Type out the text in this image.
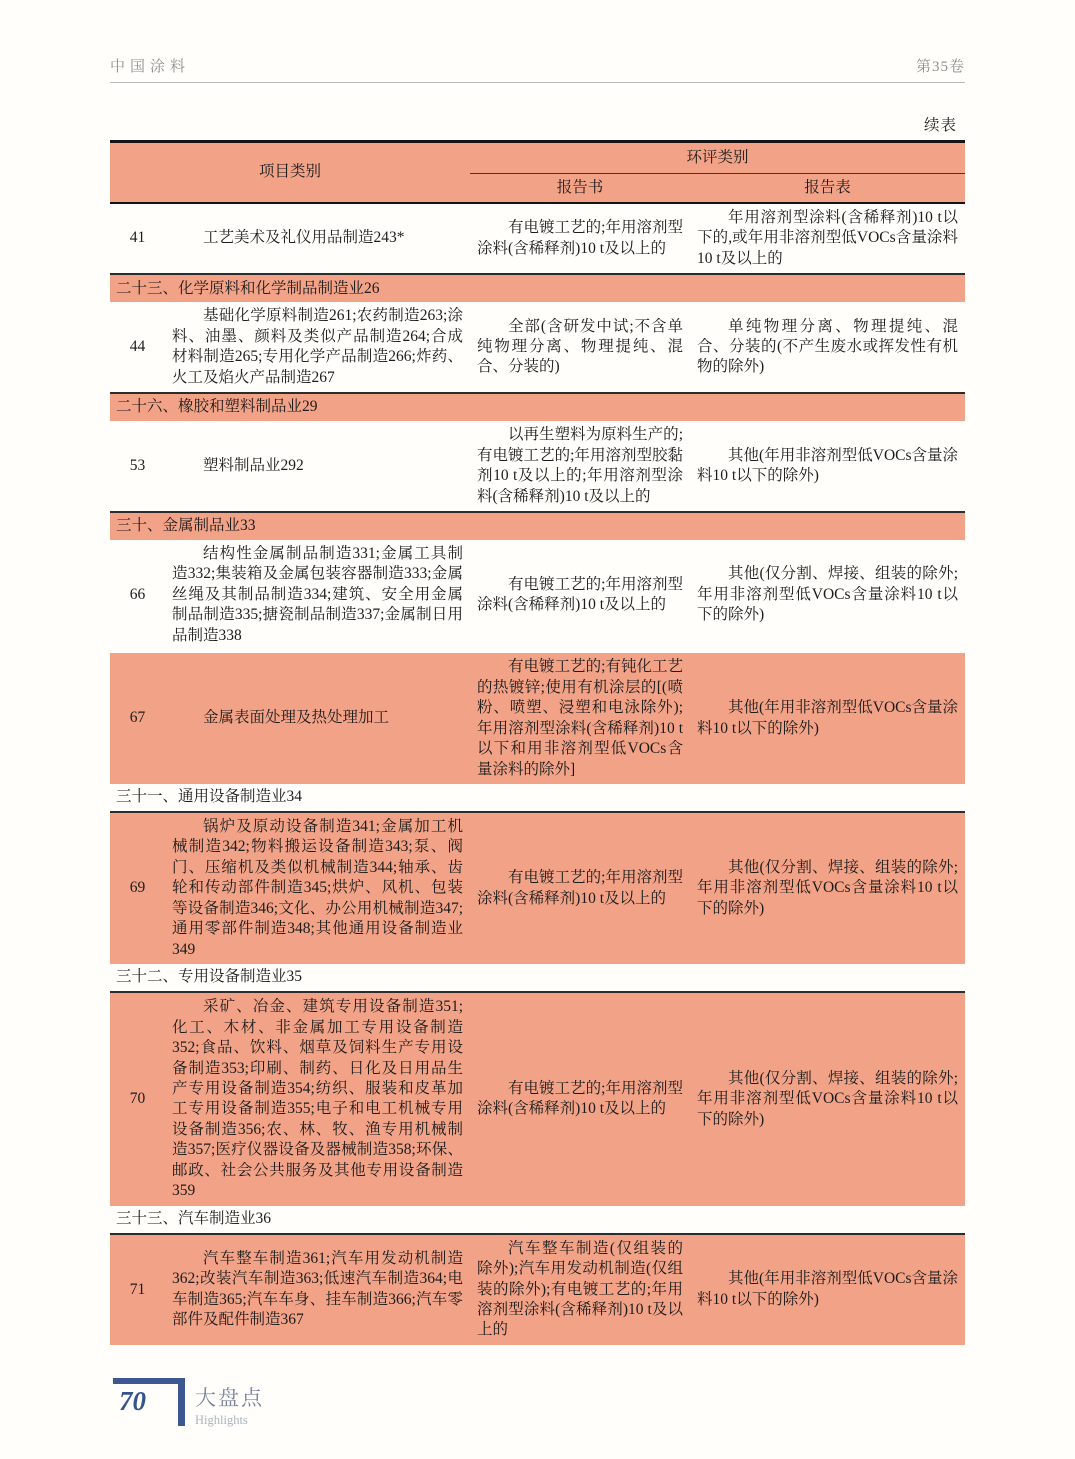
中国涂料	第35卷
续表
项目类别		环评类别	
		报告书	报告表
41	工艺美术及礼仪用品制造243*	有电镀工艺的;年用溶剂型涂料(含稀释剂)10 t及以上的	年用溶剂型涂料(含稀释剂)10 t以下的,或年用非溶剂型低VOCs含量涂料10 t及以上的
二十三、化学原料和化学制品制造业26			
44	基础化学原料制造261;农药制造263;涂料、油墨、颜料及类似产品制造264;合成材料制造265;专用化学产品制造266;炸药、火工及焰火产品制造267	全部(含研发中试;不含单纯物理分离、物理提纯、混合、分装的)	单纯物理分离、物理提纯、混合、分装的(不产生废水或挥发性有机物的除外)
二十六、橡胶和塑料制品业29			
53	塑料制品业292	以再生塑料为原料生产的;有电镀工艺的;年用溶剂型胶黏剂10 t及以上的;年用溶剂型涂料(含稀释剂)10 t及以上的	其他(年用非溶剂型低VOCs含量涂料10 t以下的除外)
三十、金属制品业33			
66	结构性金属制品制造331;金属工具制造332;集装箱及金属包装容器制造333;金属丝绳及其制品制造334;建筑、安全用金属制品制造335;搪瓷制品制造337;金属制日用品制造338	有电镀工艺的;年用溶剂型涂料(含稀释剂)10 t及以上的	其他(仅分割、焊接、组装的除外;年用非溶剂型低VOCs含量涂料10 t以下的除外)
67	金属表面处理及热处理加工	有电镀工艺的;有钝化工艺的热镀锌;使用有机涂层的[(喷粉、喷塑、浸塑和电泳除外);年用溶剂型涂料(含稀释剂)10 t以下和用非溶剂型低VOCs含量涂料的除外]	其他(年用非溶剂型低VOCs含量涂料10 t以下的除外)
三十一、通用设备制造业34			
69	锅炉及原动设备制造341;金属加工机械制造342;物料搬运设备制造343;泵、阀门、压缩机及类似机械制造344;轴承、齿轮和传动部件制造345;烘炉、风机、包装等设备制造346;文化、办公用机械制造347;通用零部件制造348;其他通用设备制造业349	有电镀工艺的;年用溶剂型涂料(含稀释剂)10 t及以上的	其他(仅分割、焊接、组装的除外;年用非溶剂型低VOCs含量涂料10 t以下的除外)
三十二、专用设备制造业35			
70	采矿、冶金、建筑专用设备制造351;化工、木材、非金属加工专用设备制造352;食品、饮料、烟草及饲料生产专用设备制造353;印刷、制药、日化及日用品生产专用设备制造354;纺织、服装和皮革加工专用设备制造355;电子和电工机械专用设备制造356;农、林、牧、渔专用机械制造357;医疗仪器设备及器械制造358;环保、邮政、社会公共服务及其他专用设备制造359	有电镀工艺的;年用溶剂型涂料(含稀释剂)10 t及以上的	其他(仅分割、焊接、组装的除外;年用非溶剂型低VOCs含量涂料10 t以下的除外)
三十三、汽车制造业36			
71	汽车整车制造361;汽车用发动机制造362;改装汽车制造363;低速汽车制造364;电车制造365;汽车车身、挂车制造366;汽车零部件及配件制造367	汽车整车制造(仅组装的除外);汽车用发动机制造(仅组装的除外);有电镀工艺的;年用溶剂型涂料(含稀释剂)10 t及以上的	其他(年用非溶剂型低VOCs含量涂料10 t以下的除外)
70 大盘点
Highlights
